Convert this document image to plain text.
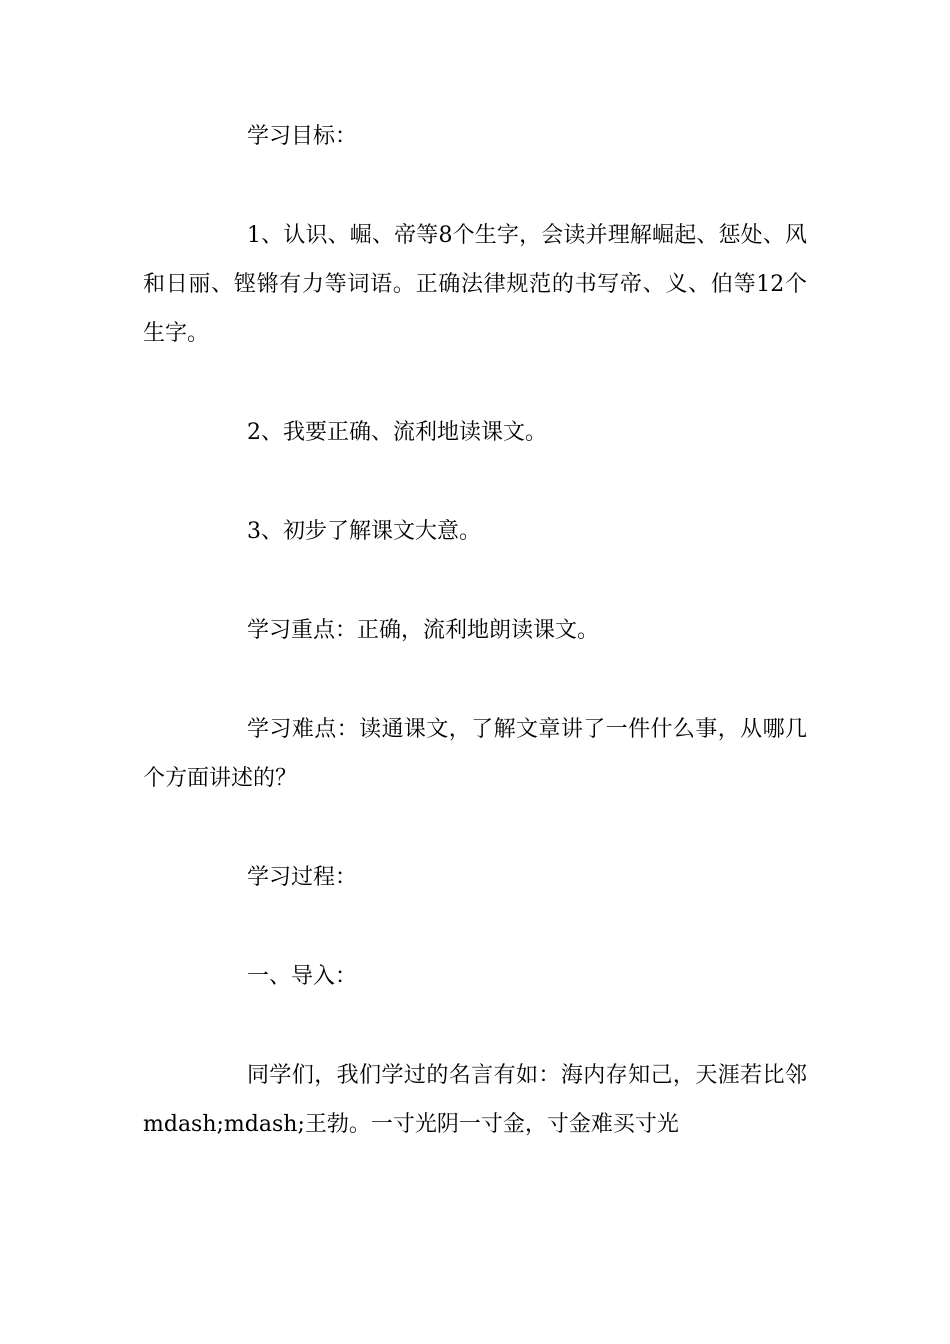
学习目标：

1、认识、崛、帝等8个生字，会读并理解崛起、惩处、风和日丽、铿锵有力等词语。正确法律规范的书写帝、义、伯等12个生字。

2、我要正确、流利地读课文。

3、初步了解课文大意。

学习重点：正确，流利地朗读课文。

学习难点：读通课文，了解文章讲了一件什么事，从哪几个方面讲述的？

学习过程：

一、导入：

同学们，我们学过的名言有如：海内存知己，天涯若比邻mdash;mdash;王勃。一寸光阴一寸金，寸金难买寸光
